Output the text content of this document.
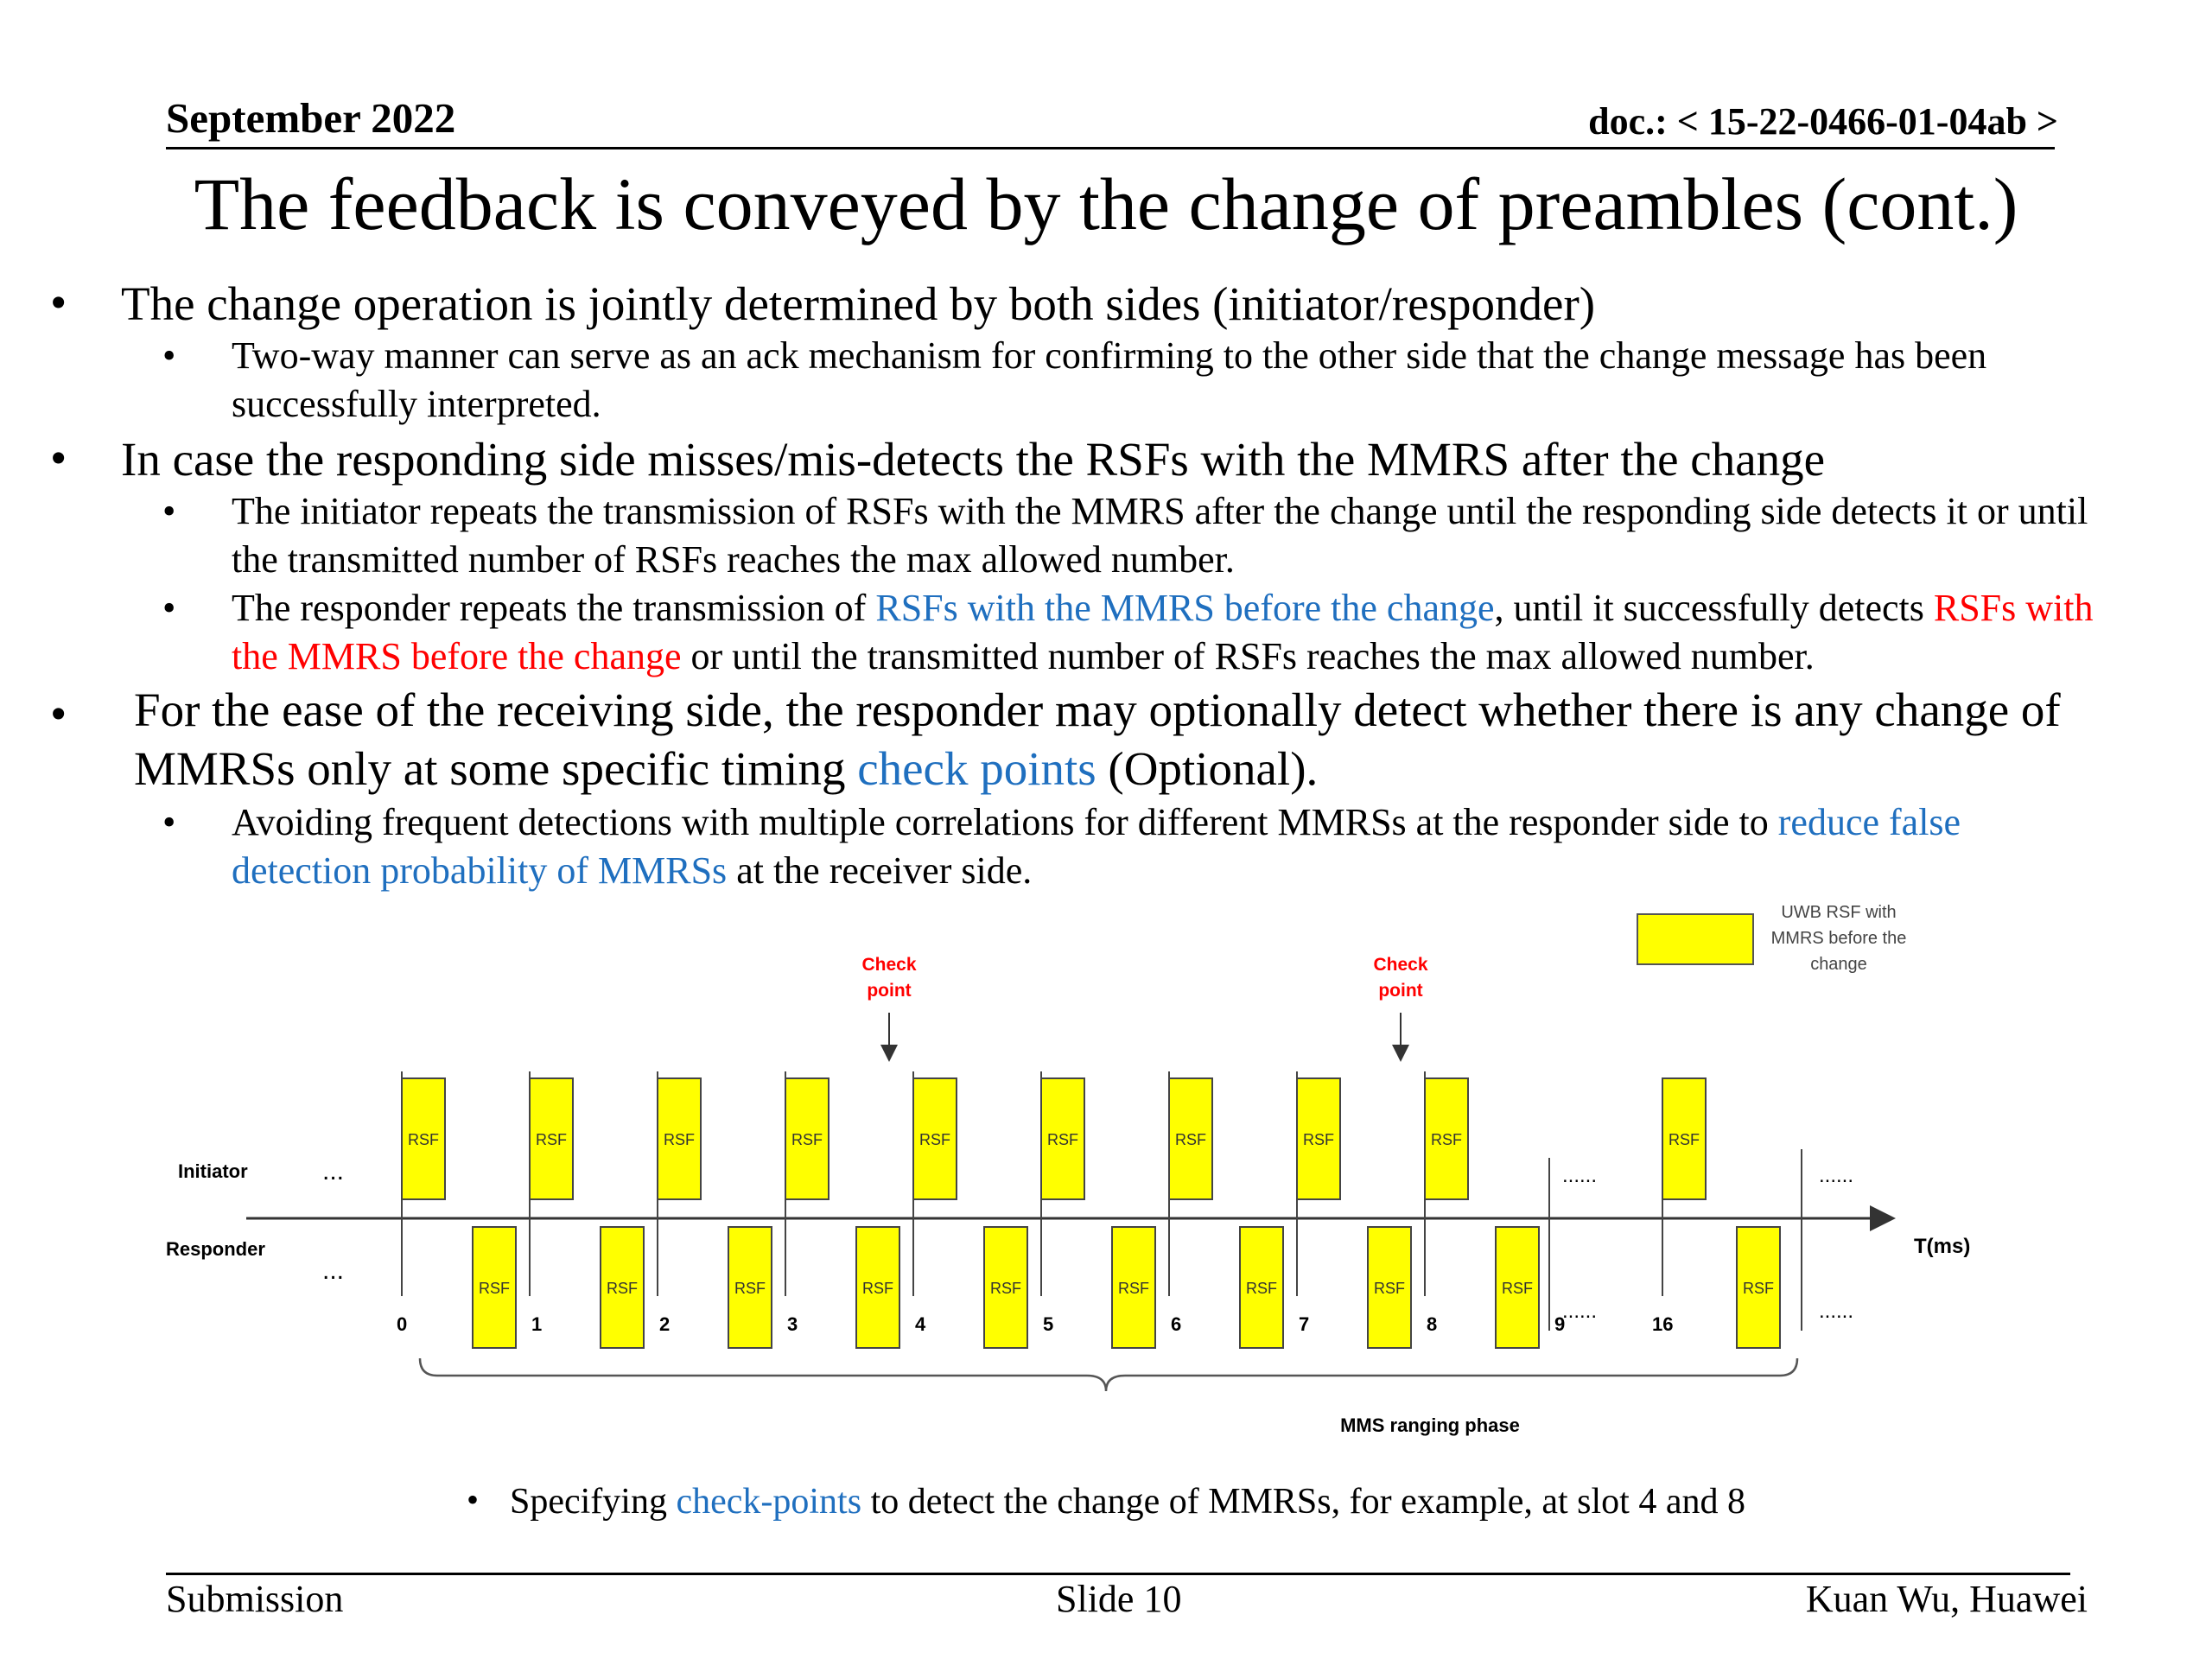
September 2022	doc.: < 15-22-0466-01-04ab >
The feedback is conveyed by the change of preambles (cont.)
• The change operation is jointly determined by both sides (initiator/responder)
• Two-way manner can serve as an ack mechanism for confirming to the other side that the change message has been
successfully interpreted.
• In case the responding side misses/mis-detects the RSFs with the MMRS after the change
• The initiator repeats the transmission of RSFs with the MMRS after the change until the responding side detects it or until
the transmitted number of RSFs reaches the max allowed number.
• The responder repeats the transmission of RSFs with the MMRS before the change, until it successfully detects RSFs with
the MMRS before the change or until the transmitted number of RSFs reaches the max allowed number.
• For the ease of the receiving side, the responder may optionally detect whether there is any change of
MMRSs only at some specific timing check points (Optional).
• Avoiding frequent detections with multiple correlations for different MMRSs at the responder side to reduce false
detection probability of MMRSs at the receiver side.
UWB RSF with
MMRS before the
change
Initiator
Responder
...
...
T(ms)
......	......
......	......
RSF
RSF
RSF
RSF
RSF
RSF
RSF
RSF
RSF
RSF
RSF
RSF
RSF
RSF
RSF
RSF
RSF
RSF
0	1	2	3	4	5	6	7	8	9
RSF
16
RSF
Check
point
Check
point
MMS ranging phase
• Specifying check-points to detect the change of MMRSs, for example, at slot 4 and 8
Submission	Slide 10	Kuan Wu, Huawei
